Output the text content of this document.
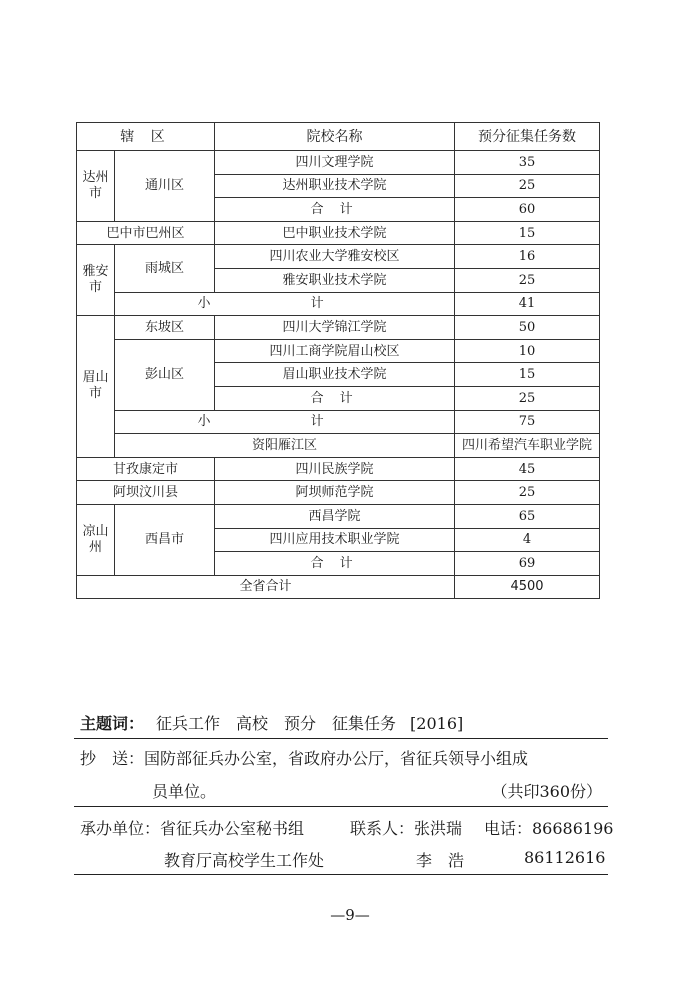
辖 区		院校名称	预分征集任务数	
达州市	通川区	四川文理学院	35	
		达州职业技术学院	25	
		合 计	60	
巴中市巴州区		巴中职业技术学院	15	
雅安市	雨城区	四川农业大学雅安校区	16	
		雅安职业技术学院	25	
	小 计		41	
眉山市	东坡区	四川大学锦江学院	50	
	彭山区	四川工商学院眉山校区	10	
		眉山职业技术学院	15	
		合 计	25	
	小 计		75	
	资阳雁江区		四川希望汽车职业学院	
甘孜康定市		四川民族学院	45	
阿坝汶川县		阿坝师范学院	25	
凉山州	西昌市	西昌学院	65	
		四川应用技术职业学院	4	
		合 计	69	
全省合计			4500	
主题词： 征兵工作　高校　预分　征集任务 [2016]
抄　送：国防部征兵办公室，省政府办公厅，省征兵领导小组成
员单位。	（共印360份）
承办单位：省征兵办公室秘书组	联系人：张洪瑞 电话：86686196
教育厅高校学生工作处	李　浩	86112616
—9—
